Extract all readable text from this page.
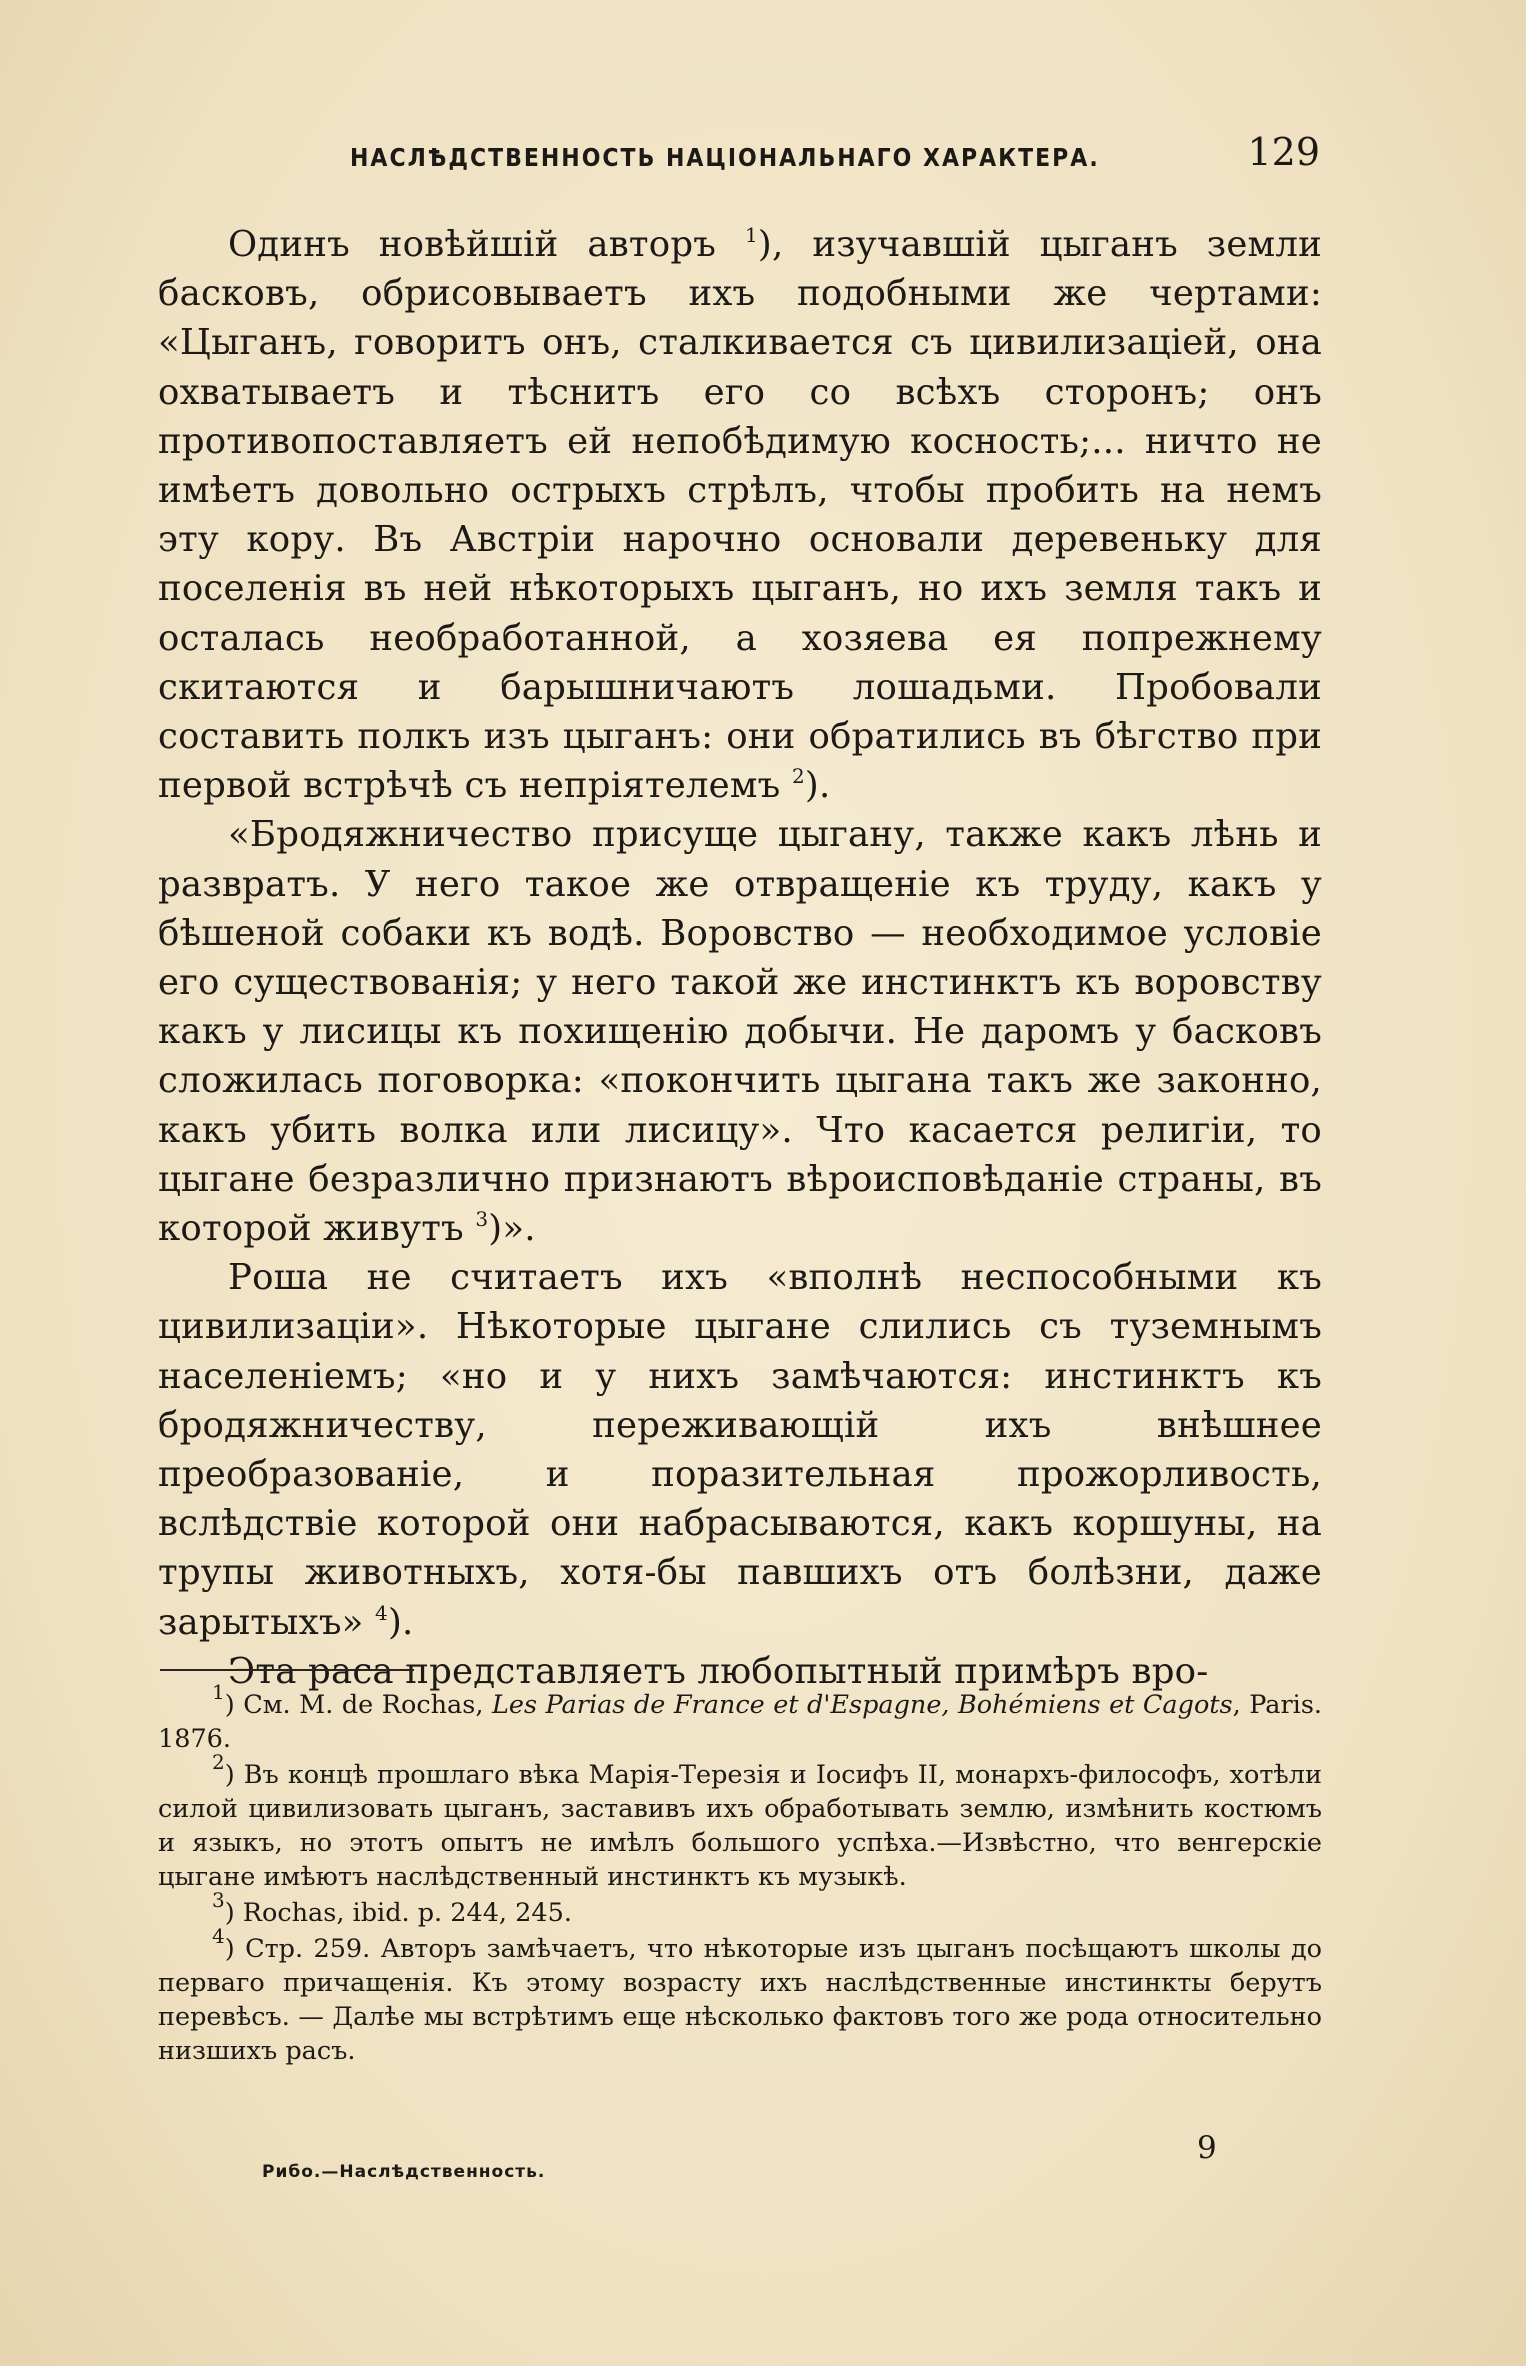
НАСЛѢДСТВЕННОСТЬ НАЦІОНАЛЬНАГО ХАРАКТЕРА.	129

Одинъ новѣйшій авторъ $^1$), изучавшій цыганъ земли басковъ, обрисовываетъ ихъ подобными же чертами: «Цыганъ, говоритъ онъ, сталкивается съ цивилизаціей, она охватываетъ и тѣснитъ его со всѣхъ сторонъ; онъ противопоставляетъ ей непобѣдимую косность;... ничто не имѣетъ довольно острыхъ стрѣлъ, чтобы пробить на немъ эту кору. Въ Австріи нарочно основали деревеньку для поселенія въ ней нѣкоторыхъ цыганъ, но ихъ земля такъ и осталась необработанной, а хозяева ея попрежнему скитаются и барышничаютъ лошадьми. Пробовали составить полкъ изъ цыганъ: они обратились въ бѣгство при первой встрѣчѣ съ непріятелемъ $^2$).

«Бродяжничество присуще цыгану, также какъ лѣнь и развратъ. У него такое же отвращеніе къ труду, какъ у бѣшеной собаки къ водѣ. Воровство — необходимое условіе его существованія; у него такой же инстинктъ къ воровству какъ у лисицы къ похищенію добычи. Не даромъ у басковъ сложилась поговорка: «покончить цыгана такъ же законно, какъ убить волка или лисицу». Что касается религіи, то цыгане безразлично признаютъ вѣроисповѣданіе страны, въ которой живутъ $^3$)».

Роша не считаетъ ихъ «вполнѣ неспособными къ цивилизаціи». Нѣкоторые цыгане слились съ туземнымъ населеніемъ; «но и у нихъ замѣчаются: инстинктъ къ бродяжничеству, переживающій ихъ внѣшнее преобразованіе, и поразительная прожорливость, вслѣдствіе которой они набрасываются, какъ коршуны, на трупы животныхъ, хотя-бы павшихъ отъ болѣзни, даже зарытыхъ» $^4$).

Эта раса представляетъ любопытный примѣръ вро-

$^1$) См. M. de Rochas, Les Parias de France et d'Espagne, Bohémiens et Cagots, Paris. 1876.

$^2$) Въ концѣ прошлаго вѣка Марія-Терезія и Іосифъ II, монархъ-философъ, хотѣли силой цивилизовать цыганъ, заставивъ ихъ обработывать землю, измѣнить костюмъ и языкъ, но этотъ опытъ не имѣлъ большого успѣха.—Извѣстно, что венгерскіе цыгане имѣютъ наслѣдственный инстинктъ къ музыкѣ.

$^3$) Rochas, ibid. p. 244, 245.

$^4$) Стр. 259. Авторъ замѣчаетъ, что нѣкоторые изъ цыганъ посѣщаютъ школы до перваго причащенія. Къ этому возрасту ихъ наслѣдственные инстинкты берутъ перевѣсъ. — Далѣе мы встрѣтимъ еще нѣсколько фактовъ того же рода относительно низшихъ расъ.

Рибо.—Наслѣдственность.
9
